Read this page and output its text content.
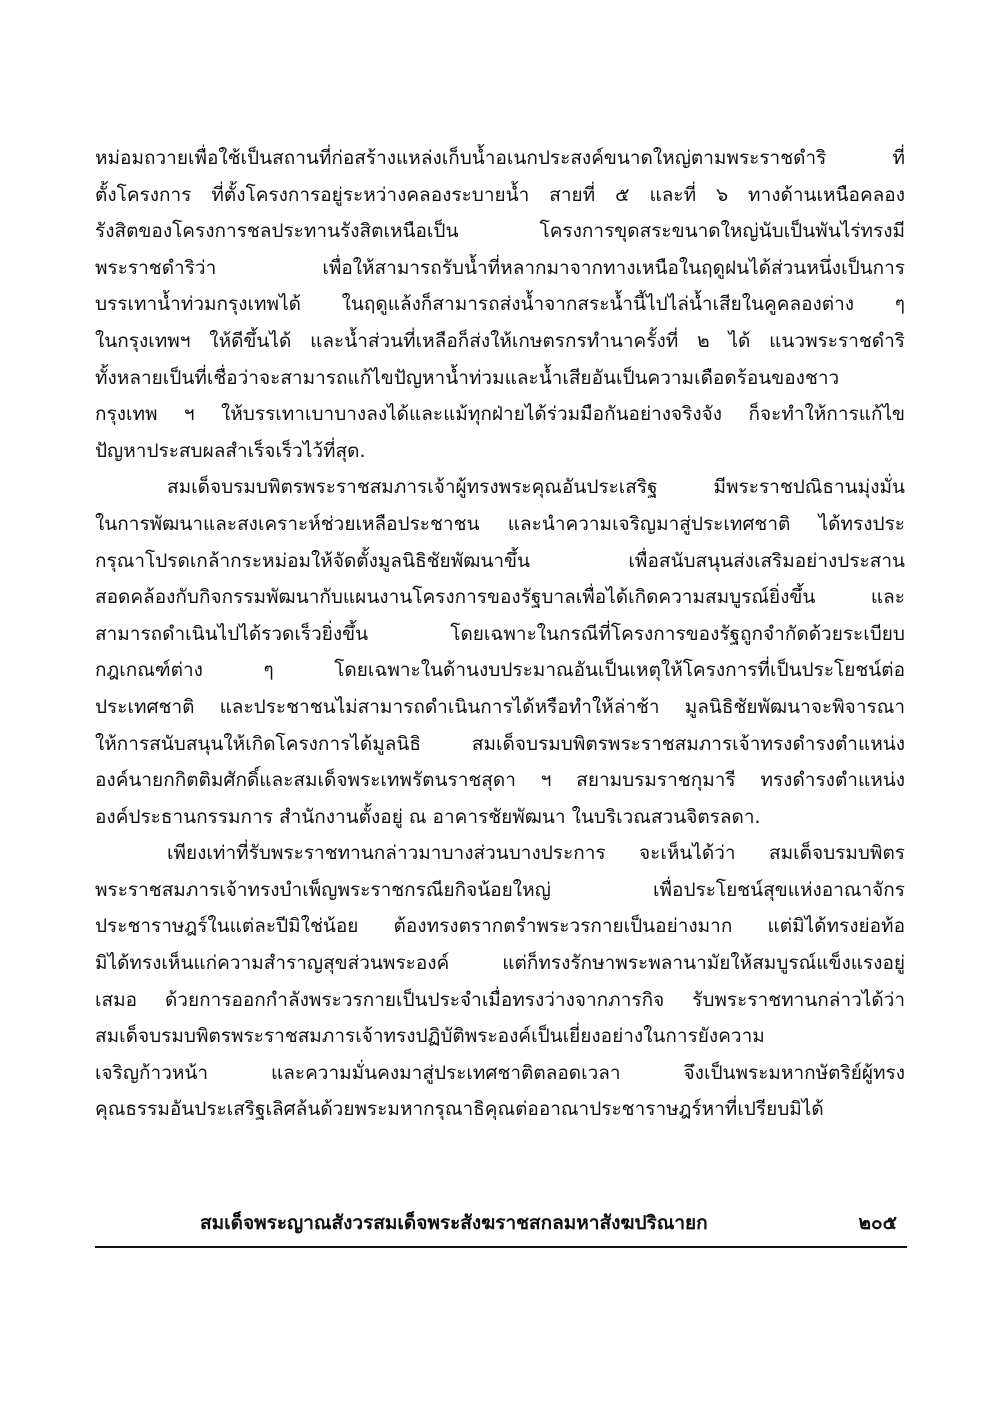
หม่อมถวายเพื่อใช้เป็นสถานที่ก่อสร้างแหล่งเก็บน้ำอเนกประสงค์ขนาดใหญ่ตามพระราชดำริ ที่
ตั้งโครงการ ที่ตั้งโครงการอยู่ระหว่างคลองระบายน้ำ สายที่ ๕ และที่ ๖ ทางด้านเหนือคลอง
รังสิตของโครงการชลประทานรังสิตเหนือเป็น โครงการขุดสระขนาดใหญ่นับเป็นพันไร่ทรงมี
พระราชดำริว่า เพื่อให้สามารถรับน้ำที่หลากมาจากทางเหนือในฤดูฝนได้ส่วนหนึ่งเป็นการ
บรรเทาน้ำท่วมกรุงเทพได้ ในฤดูแล้งก็สามารถส่งน้ำจากสระน้ำนี้ไปไล่น้ำเสียในคูคลองต่าง ๆ
ในกรุงเทพฯ ให้ดีขึ้นได้ และน้ำส่วนที่เหลือก็ส่งให้เกษตรกรทำนาครั้งที่ ๒ ได้ แนวพระราชดำริ
ทั้งหลายเป็นที่เชื่อว่าจะสามารถแก้ไขปัญหาน้ำท่วมและน้ำเสียอันเป็นความเดือดร้อนของชาว
กรุงเทพ ฯ ให้บรรเทาเบาบางลงได้และแม้ทุกฝ่ายได้ร่วมมือกันอย่างจริงจัง ก็จะทำให้การแก้ไข
ปัญหาประสบผลสำเร็จเร็วไว้ที่สุด.
สมเด็จบรมบพิตรพระราชสมภารเจ้าผู้ทรงพระคุณอันประเสริฐ มีพระราชปณิธานมุ่งมั่น
ในการพัฒนาและสงเคราะห์ช่วยเหลือประชาชน และนำความเจริญมาสู่ประเทศชาติ ได้ทรงประ
กรุณาโปรดเกล้ากระหม่อมให้จัดตั้งมูลนิธิชัยพัฒนาขึ้น เพื่อสนับสนุนส่งเสริมอย่างประสาน
สอดคล้องกับกิจกรรมพัฒนากับแผนงานโครงการของรัฐบาลเพื่อได้เกิดความสมบูรณ์ยิ่งขึ้น และ
สามารถดำเนินไปได้รวดเร็วยิ่งขึ้น โดยเฉพาะในกรณีที่โครงการของรัฐถูกจำกัดด้วยระเบียบ
กฎเกณฑ์ต่าง ๆ โดยเฉพาะในด้านงบประมาณอันเป็นเหตุให้โครงการที่เป็นประโยชน์ต่อ
ประเทศชาติ และประชาชนไม่สามารถดำเนินการได้หรือทำให้ล่าช้า มูลนิธิชัยพัฒนาจะพิจารณา
ให้การสนับสนุนให้เกิดโครงการได้มูลนิธิ สมเด็จบรมบพิตรพระราชสมภารเจ้าทรงดำรงตำแหน่ง
องค์นายกกิตติมศักดิ์และสมเด็จพระเทพรัตนราชสุดา ฯ สยามบรมราชกุมารี ทรงดำรงตำแหน่ง
องค์ประธานกรรมการ สำนักงานตั้งอยู่ ณ อาคารชัยพัฒนา ในบริเวณสวนจิตรลดา.
เพียงเท่าที่รับพระราชทานกล่าวมาบางส่วนบางประการ จะเห็นได้ว่า สมเด็จบรมบพิตร
พระราชสมภารเจ้าทรงบำเพ็ญพระราชกรณียกิจน้อยใหญ่ เพื่อประโยชน์สุขแห่งอาณาจักร
ประชาราษฎร์ในแต่ละปีมิใช่น้อย ต้องทรงตรากตรำพระวรกายเป็นอย่างมาก แต่มิได้ทรงย่อท้อ
มิได้ทรงเห็นแก่ความสำราญสุขส่วนพระองค์ แต่ก็ทรงรักษาพระพลานามัยให้สมบูรณ์แข็งแรงอยู่
เสมอ ด้วยการออกกำลังพระวรกายเป็นประจำเมื่อทรงว่างจากภารกิจ รับพระราชทานกล่าวได้ว่า
สมเด็จบรมบพิตรพระราชสมภารเจ้าทรงปฏิบัติพระองค์เป็นเยี่ยงอย่างในการยังความ
เจริญก้าวหน้า และความมั่นคงมาสู่ประเทศชาติตลอดเวลา จึงเป็นพระมหากษัตริย์ผู้ทรง
คุณธรรมอันประเสริฐเลิศล้นด้วยพระมหากรุณาธิคุณต่ออาณาประชาราษฎร์หาที่เปรียบมิได้
สมเด็จพระญาณสังวรสมเด็จพระสังฆราชสกลมหาสังฆปริณายก	๒๐๕
